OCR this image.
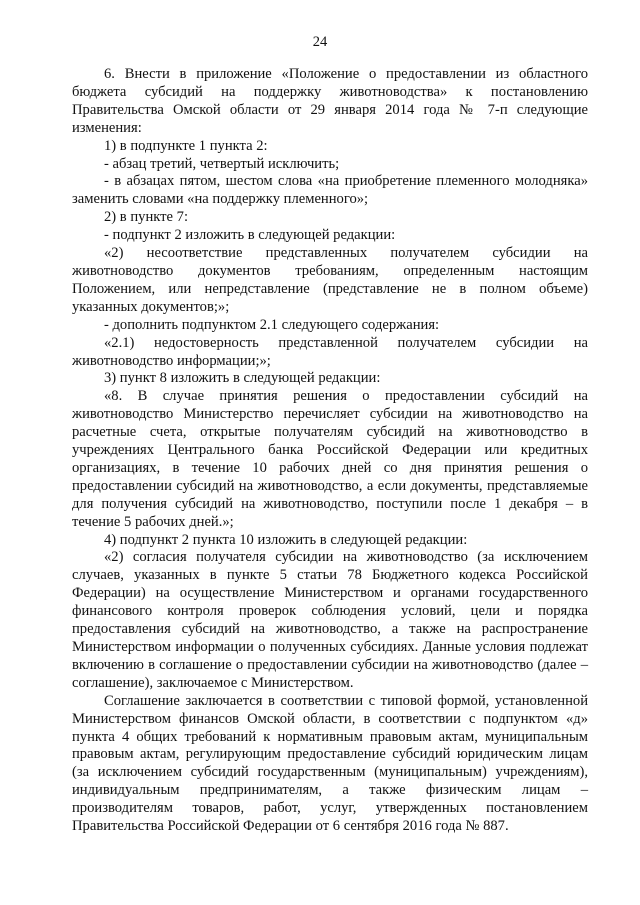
24

6. Внести в приложение «Положение о предоставлении из областного бюджета субсидий на поддержку животноводства» к постановлению Правительства Омской области от 29 января 2014 года № 7-п следующие изменения:

1) в подпункте 1 пункта 2:

- абзац третий, четвертый исключить;

- в абзацах пятом, шестом слова «на приобретение племенного молодняка» заменить словами «на поддержку племенного»;

2) в пункте 7:

- подпункт 2 изложить в следующей редакции:

«2) несоответствие представленных получателем субсидии на животноводство документов требованиям, определенным настоящим Положением, или непредставление (представление не в полном объеме) указанных документов;»;

- дополнить подпунктом 2.1 следующего содержания:

«2.1) недостоверность представленной получателем субсидии на животноводство информации;»;

3) пункт 8 изложить в следующей редакции:

«8. В случае принятия решения о предоставлении субсидий на животноводство Министерство перечисляет субсидии на животноводство на расчетные счета, открытые получателям субсидий на животноводство в учреждениях Центрального банка Российской Федерации или кредитных организациях, в течение 10 рабочих дней со дня принятия решения о предоставлении субсидий на животноводство, а если документы, представляемые для получения субсидий на животноводство, поступили после 1 декабря – в течение 5 рабочих дней.»;

4) подпункт 2 пункта 10 изложить в следующей редакции:

«2) согласия получателя субсидии на животноводство (за исключением случаев, указанных в пункте 5 статьи 78 Бюджетного кодекса Российской Федерации) на осуществление Министерством и органами государственного финансового контроля проверок соблюдения условий, цели и порядка предоставления субсидий на животноводство, а также на распространение Министерством информации о полученных субсидиях. Данные условия подлежат включению в соглашение о предоставлении субсидии на животноводство (далее – соглашение), заключаемое с Министерством.

Соглашение заключается в соответствии с типовой формой, установленной Министерством финансов Омской области, в соответствии с подпунктом «д» пункта 4 общих требований к нормативным правовым актам, муниципальным правовым актам, регулирующим предоставление субсидий юридическим лицам (за исключением субсидий государственным (муниципальным) учреждениям), индивидуальным предпринимателям, а также физическим лицам – производителям товаров, работ, услуг, утвержденных постановлением Правительства Российской Федерации от 6 сентября 2016 года № 887.
